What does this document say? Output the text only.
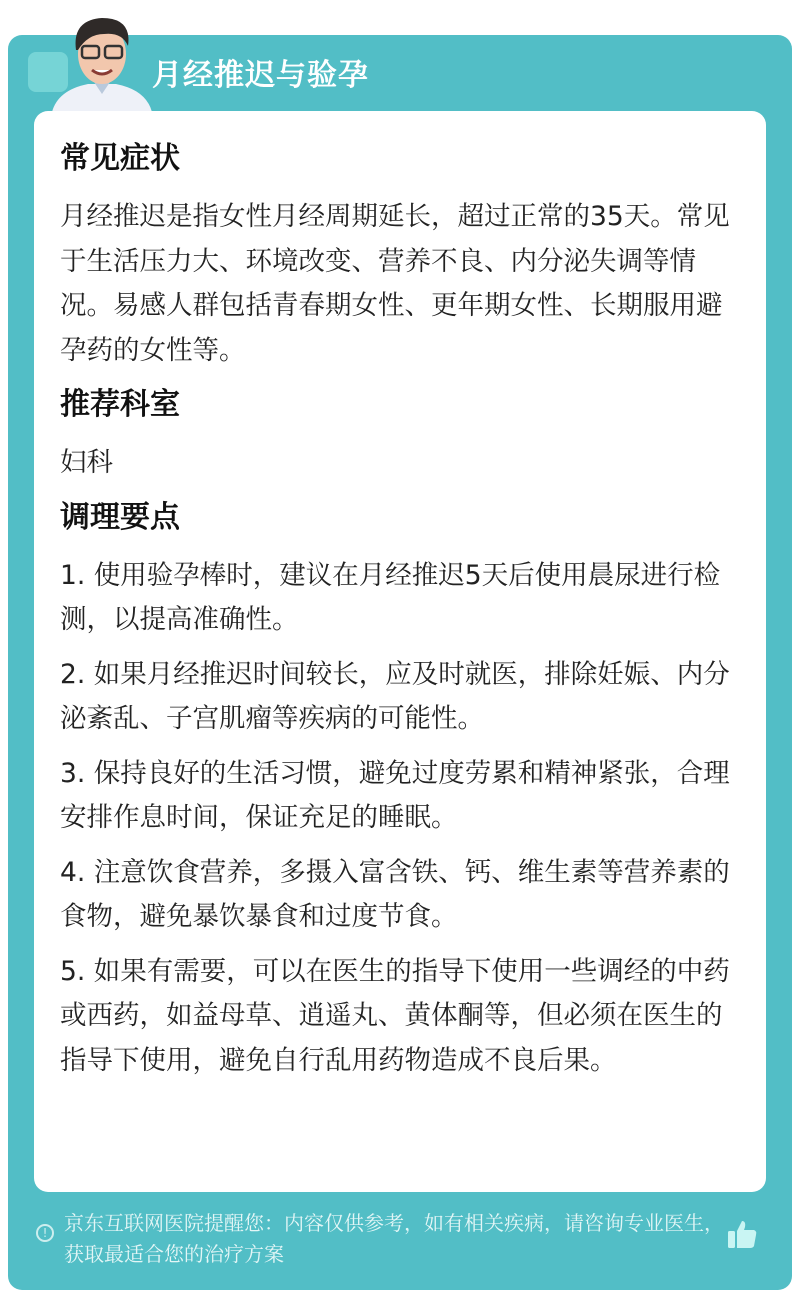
月经推迟与验孕
常见症状

月经推迟是指女性月经周期延长，超过正常的35天。常见于生活压力大、环境改变、营养不良、内分泌失调等情况。易感人群包括青春期女性、更年期女性、长期服用避孕药的女性等。

推荐科室

妇科

调理要点

1. 使用验孕棒时，建议在月经推迟5天后使用晨尿进行检测，以提高准确性。

2. 如果月经推迟时间较长，应及时就医，排除妊娠、内分泌紊乱、子宫肌瘤等疾病的可能性。

3. 保持良好的生活习惯，避免过度劳累和精神紧张，合理安排作息时间，保证充足的睡眠。

4. 注意饮食营养，多摄入富含铁、钙、维生素等营养素的食物，避免暴饮暴食和过度节食。

5. 如果有需要，可以在医生的指导下使用一些调经的中药或西药，如益母草、逍遥丸、黄体酮等，但必须在医生的指导下使用，避免自行乱用药物造成不良后果。

! 京东互联网医院提醒您：内容仅供参考，如有相关疾病，请咨询专业医生，获取最适合您的治疗方案
